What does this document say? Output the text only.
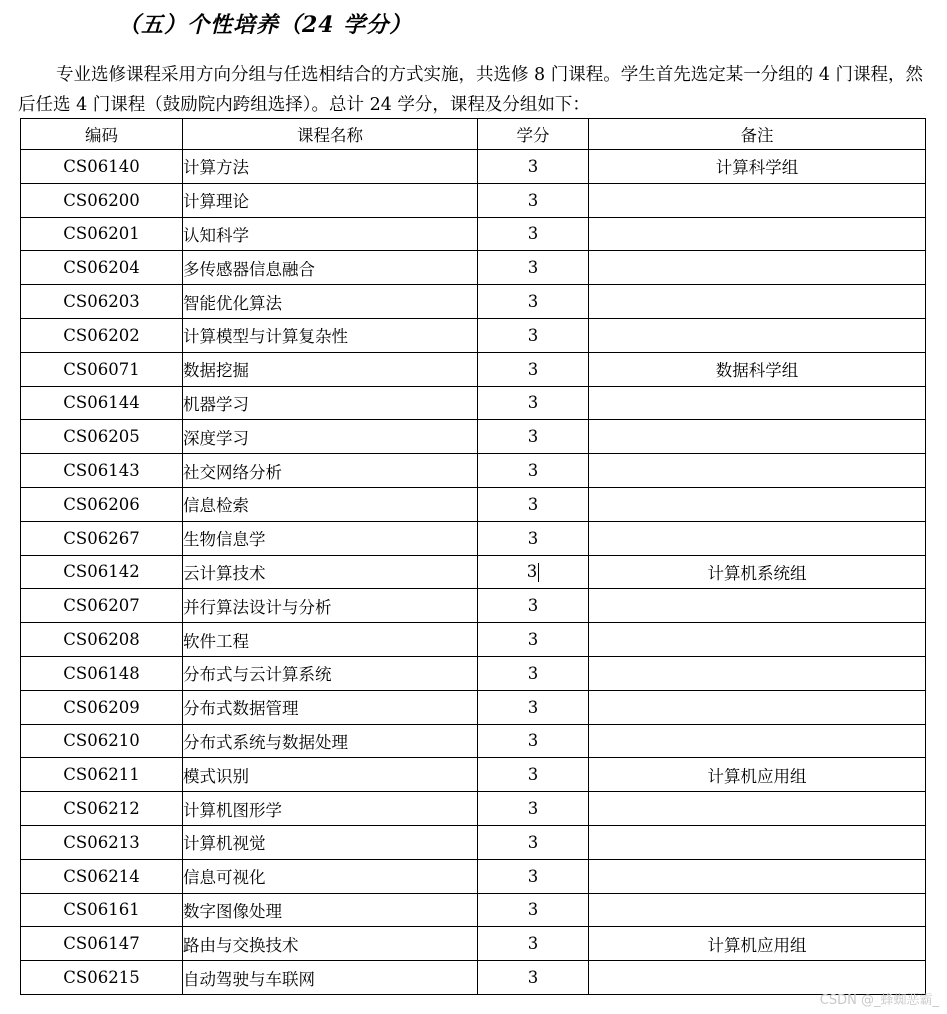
（五）个性培养（24 学分）
专业选修课程采用方向分组与任选相结合的方式实施，共选修 8 门课程。学生首先选定某一分组的 4 门课程，然后任选 4 门课程（鼓励院内跨组选择）。总计 24 学分，课程及分组如下：
编码	课程名称	学分	备注
CS06140	计算方法	3	计算科学组
CS06200	计算理论	3	
CS06201	认知科学	3	
CS06204	多传感器信息融合	3	
CS06203	智能优化算法	3	
CS06202	计算模型与计算复杂性	3	
CS06071	数据挖掘	3	数据科学组
CS06144	机器学习	3	
CS06205	深度学习	3	
CS06143	社交网络分析	3	
CS06206	信息检索	3	
CS06267	生物信息学	3	
CS06142	云计算技术	3	计算机系统组
CS06207	并行算法设计与分析	3	
CS06208	软件工程	3	
CS06148	分布式与云计算系统	3	
CS06209	分布式数据管理	3	
CS06210	分布式系统与数据处理	3	
CS06211	模式识别	3	计算机应用组
CS06212	计算机图形学	3	
CS06213	计算机视觉	3	
CS06214	信息可视化	3	
CS06161	数字图像处理	3	
CS06147	路由与交换技术	3	计算机应用组
CS06215	自动驾驶与车联网	3	
CSDN @_蜂蜘恶霸_
